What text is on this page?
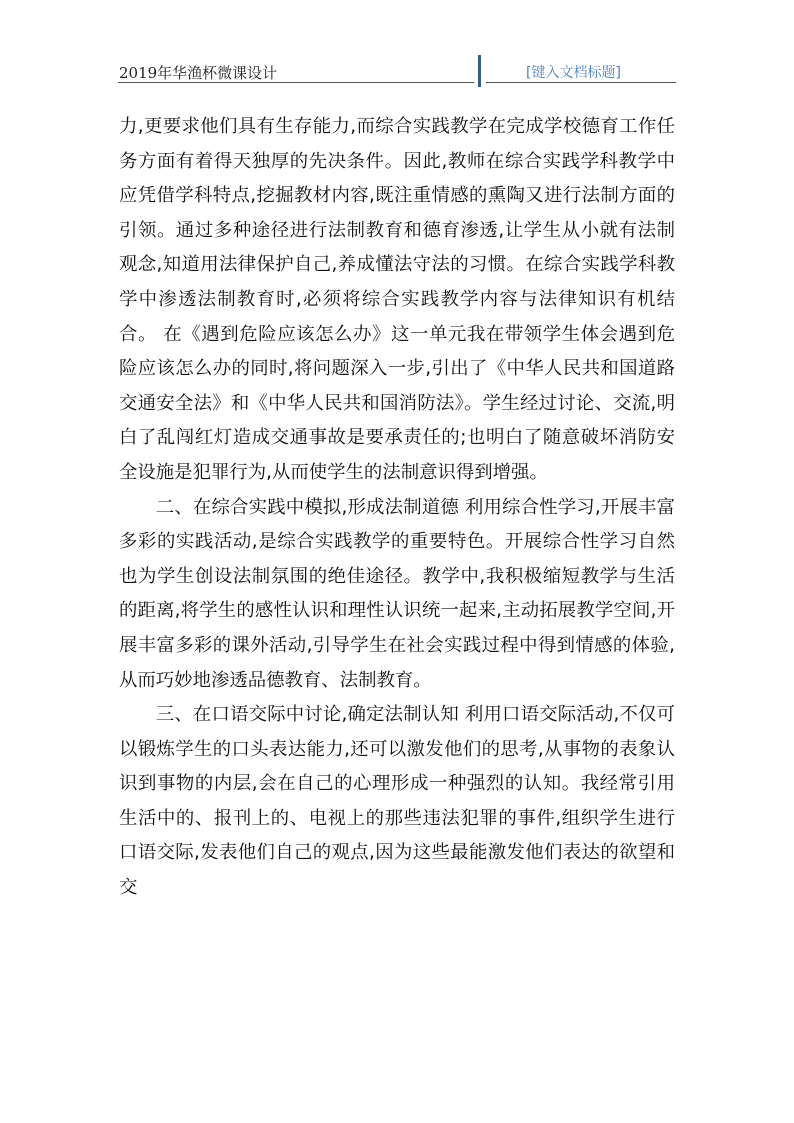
2019年华渔杯微课设计	[键入文档标题]

力,更要求他们具有生存能力,而综合实践教学在完成学校德育工作任务方面有着得天独厚的先决条件。因此,教师在综合实践学科教学中应凭借学科特点,挖掘教材内容,既注重情感的熏陶又进行法制方面的引领。通过多种途径进行法制教育和德育渗透,让学生从小就有法制观念,知道用法律保护自己,养成懂法守法的习惯。在综合实践学科教学中渗透法制教育时,必须将综合实践教学内容与法律知识有机结合。 在《遇到危险应该怎么办》这一单元我在带领学生体会遇到危险应该怎么办的同时,将问题深入一步,引出了《中华人民共和国道路交通安全法》和《中华人民共和国消防法》。学生经过讨论、交流,明白了乱闯红灯造成交通事故是要承责任的;也明白了随意破坏消防安全设施是犯罪行为,从而使学生的法制意识得到增强。

二、在综合实践中模拟,形成法制道德 利用综合性学习,开展丰富多彩的实践活动,是综合实践教学的重要特色。开展综合性学习自然也为学生创设法制氛围的绝佳途径。教学中,我积极缩短教学与生活的距离,将学生的感性认识和理性认识统一起来,主动拓展教学空间,开展丰富多彩的课外活动,引导学生在社会实践过程中得到情感的体验,从而巧妙地渗透品德教育、法制教育。

三、在口语交际中讨论,确定法制认知 利用口语交际活动,不仅可以锻炼学生的口头表达能力,还可以激发他们的思考,从事物的表象认识到事物的内层,会在自己的心理形成一种强烈的认知。我经常引用生活中的、报刊上的、电视上的那些违法犯罪的事件,组织学生进行口语交际,发表他们自己的观点,因为这些最能激发他们表达的欲望和交
